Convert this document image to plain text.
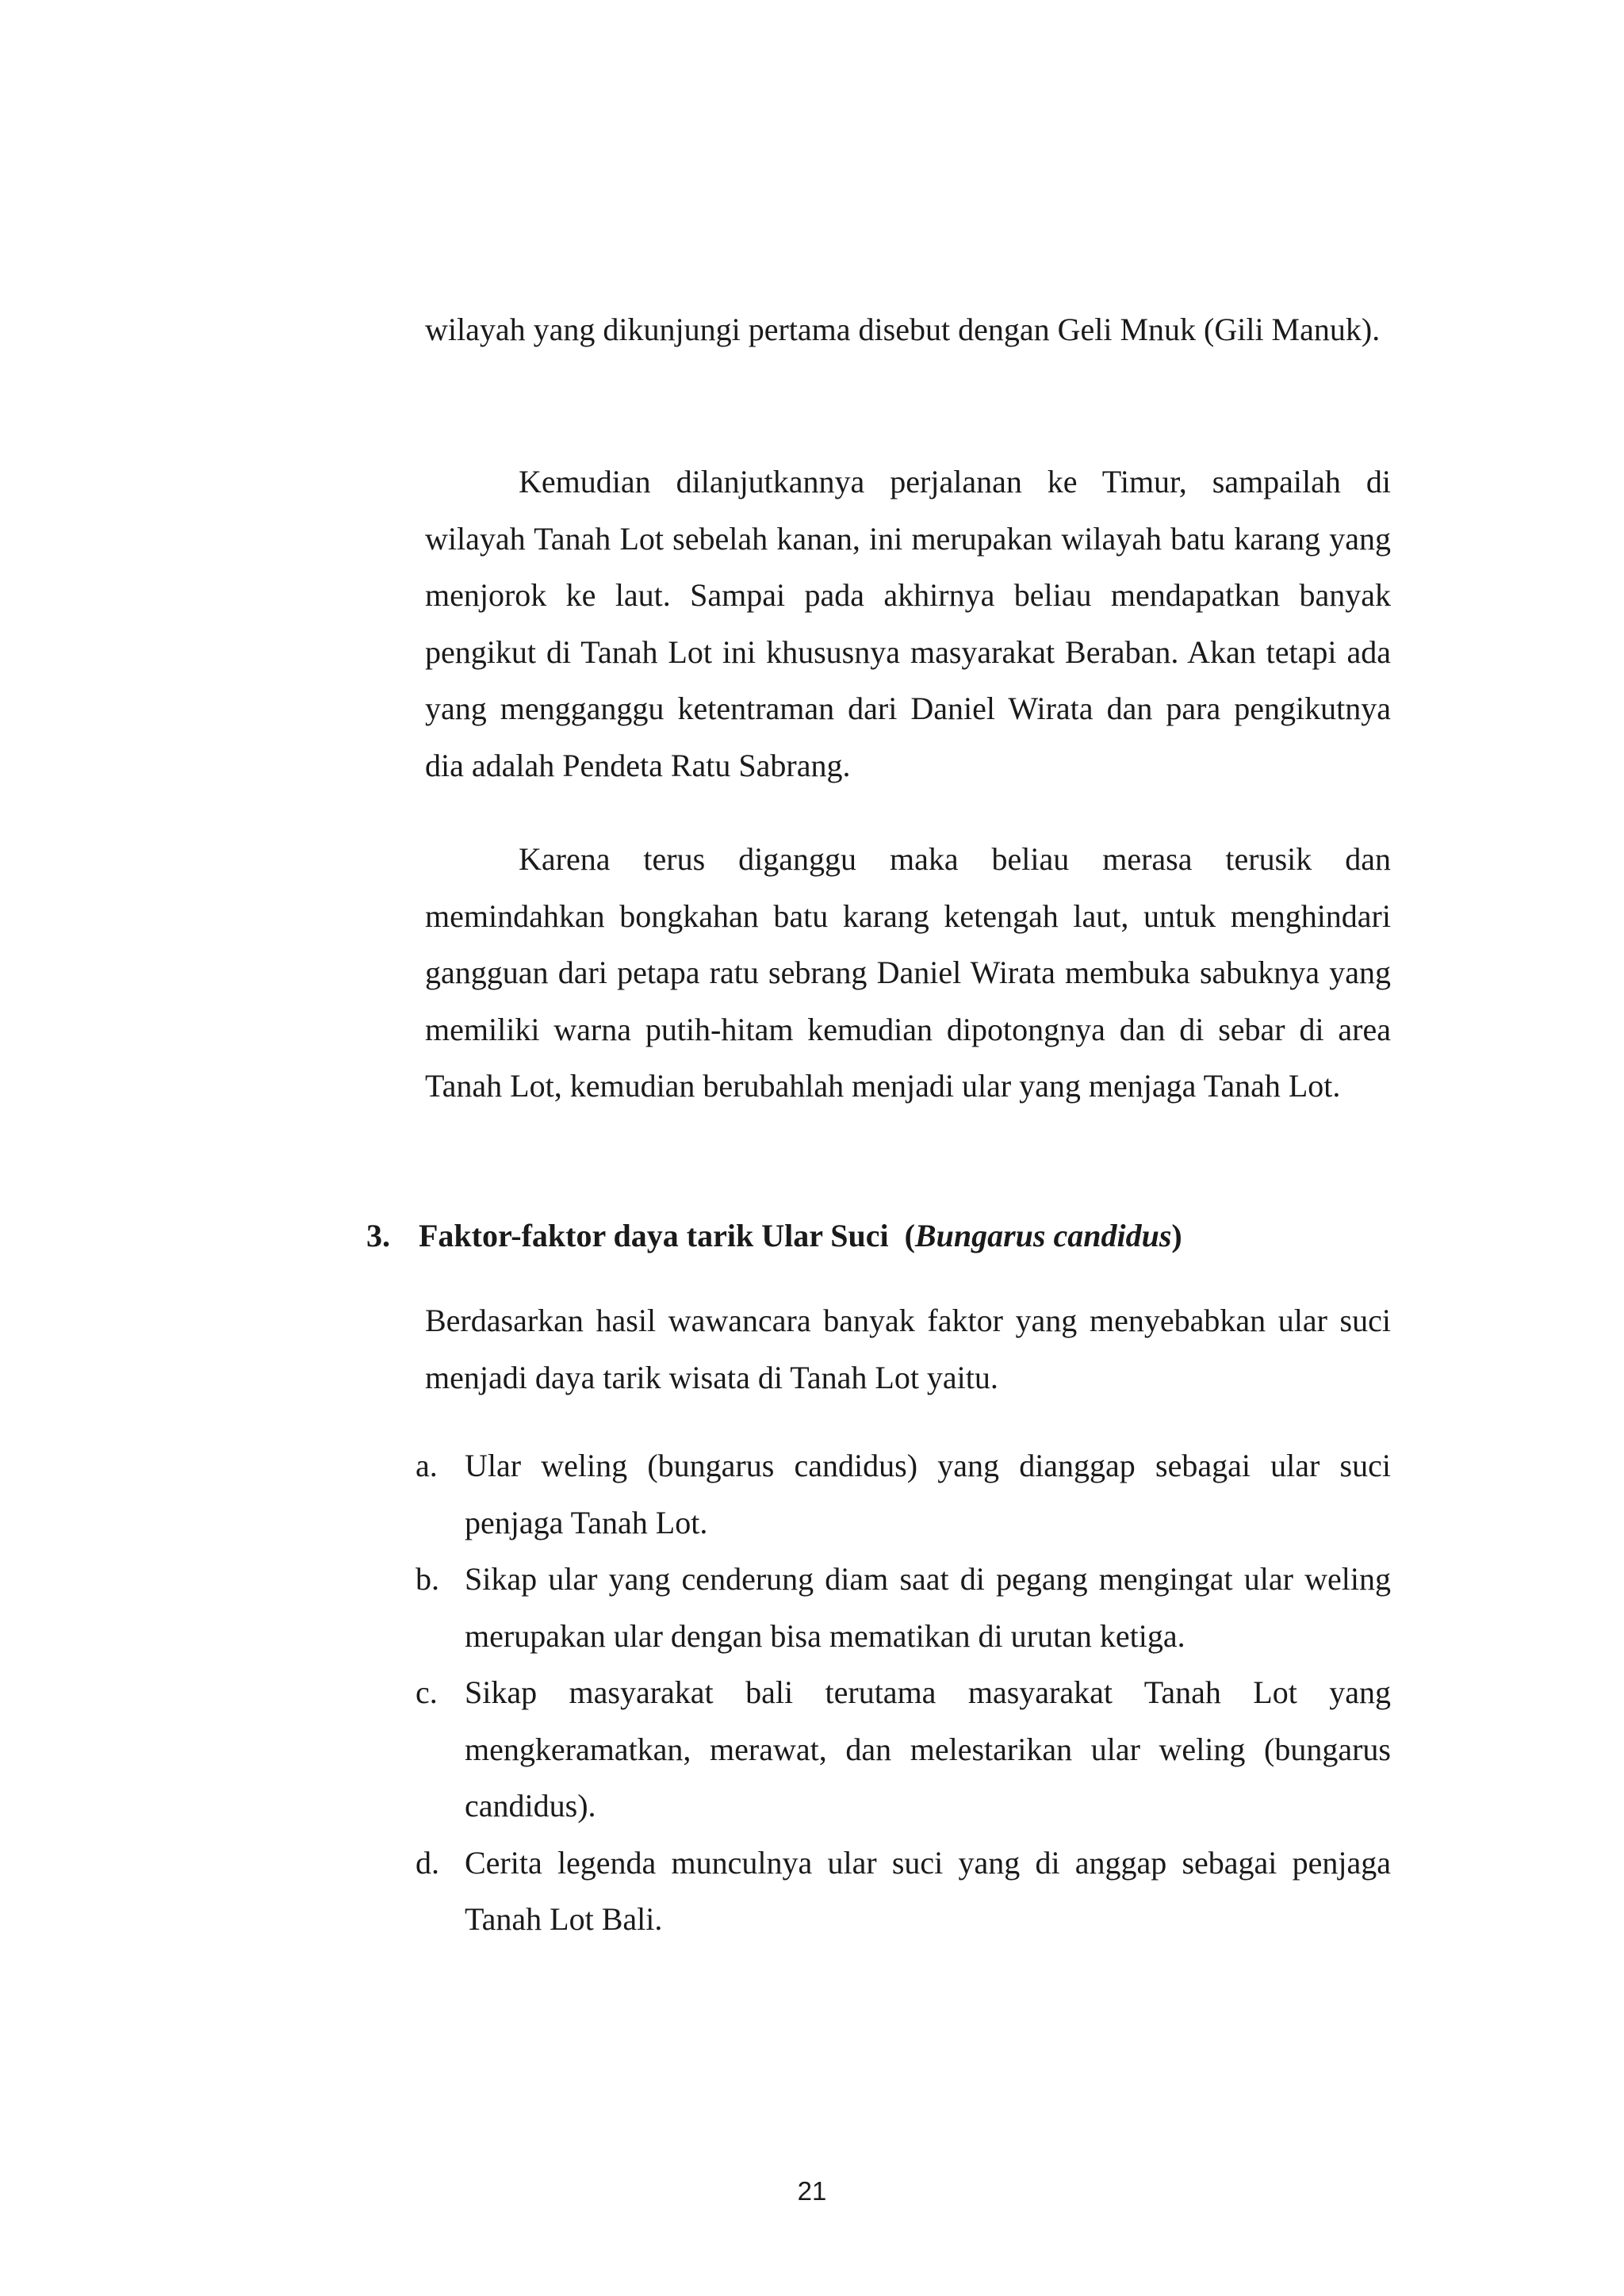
wilayah yang dikunjungi pertama disebut dengan Geli Mnuk (Gili Manuk).

Kemudian dilanjutkannya perjalanan ke Timur, sampailah di wilayah Tanah Lot sebelah kanan, ini merupakan wilayah batu karang yang menjorok ke laut. Sampai pada akhirnya beliau mendapatkan banyak pengikut di Tanah Lot ini khususnya masyarakat Beraban. Akan tetapi ada yang mengganggu ketentraman dari Daniel Wirata dan para pengikutnya dia adalah Pendeta Ratu Sabrang.

Karena terus diganggu maka beliau merasa terusik dan memindahkan bongkahan batu karang ketengah laut, untuk menghindari gangguan dari petapa ratu sebrang Daniel Wirata membuka sabuknya yang memiliki warna putih-hitam kemudian dipotongnya dan di sebar di area Tanah Lot, kemudian berubahlah menjadi ular yang menjaga Tanah Lot.

3. Faktor-faktor daya tarik Ular Suci (Bungarus candidus)

Berdasarkan hasil wawancara banyak faktor yang menyebabkan ular suci menjadi daya tarik wisata di Tanah Lot yaitu.

a. Ular weling (bungarus candidus) yang dianggap sebagai ular suci penjaga Tanah Lot.
b. Sikap ular yang cenderung diam saat di pegang mengingat ular weling merupakan ular dengan bisa mematikan di urutan ketiga.
c. Sikap masyarakat bali terutama masyarakat Tanah Lot yang mengkeramatkan, merawat, dan melestarikan ular weling (bungarus candidus).
d. Cerita legenda munculnya ular suci yang di anggap sebagai penjaga Tanah Lot Bali.
21
